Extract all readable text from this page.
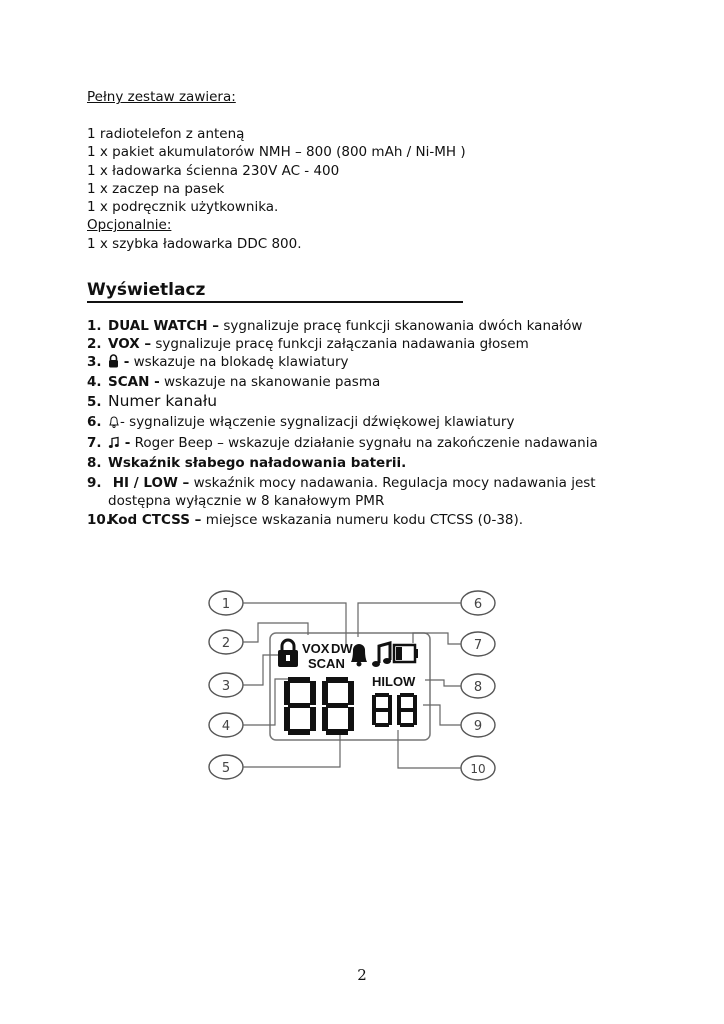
Pełny zestaw zawiera:
1 radiotelefon z anteną
1 x pakiet akumulatorów NMH – 800 (800 mAh / Ni-MH )
1 x ładowarka ścienna 230V AC - 400
1 x zaczep na pasek
1 x podręcznik użytkownika.
Opcjonalnie:
1 x szybka ładowarka DDC 800.
Wyświetlacz
1. DUAL WATCH – sygnalizuje pracę funkcji skanowania dwóch kanałów
2. VOX – sygnalizuje pracę funkcji załączania nadawania głosem
3. - wskazuje na blokadę klawiatury
4. SCAN - wskazuje na skanowanie pasma
5. Numer kanału
6. - sygnalizuje włączenie sygnalizacji dźwiękowej klawiatury
7. - Roger Beep – wskazuje działanie sygnału na zakończenie nadawania
8. Wskaźnik słabego naładowania baterii.
9. HI / LOW – wskaźnik mocy nadawania. Regulacja mocy nadawania jest
dostępna wyłącznie w 8 kanałowym PMR
10.Kod CTCSS – miejsce wskazania numeru kodu CTCSS (0-38).
1
2
3
4
5
6
7
8
9
10
VOX DW
SCAN
HILOW
2
